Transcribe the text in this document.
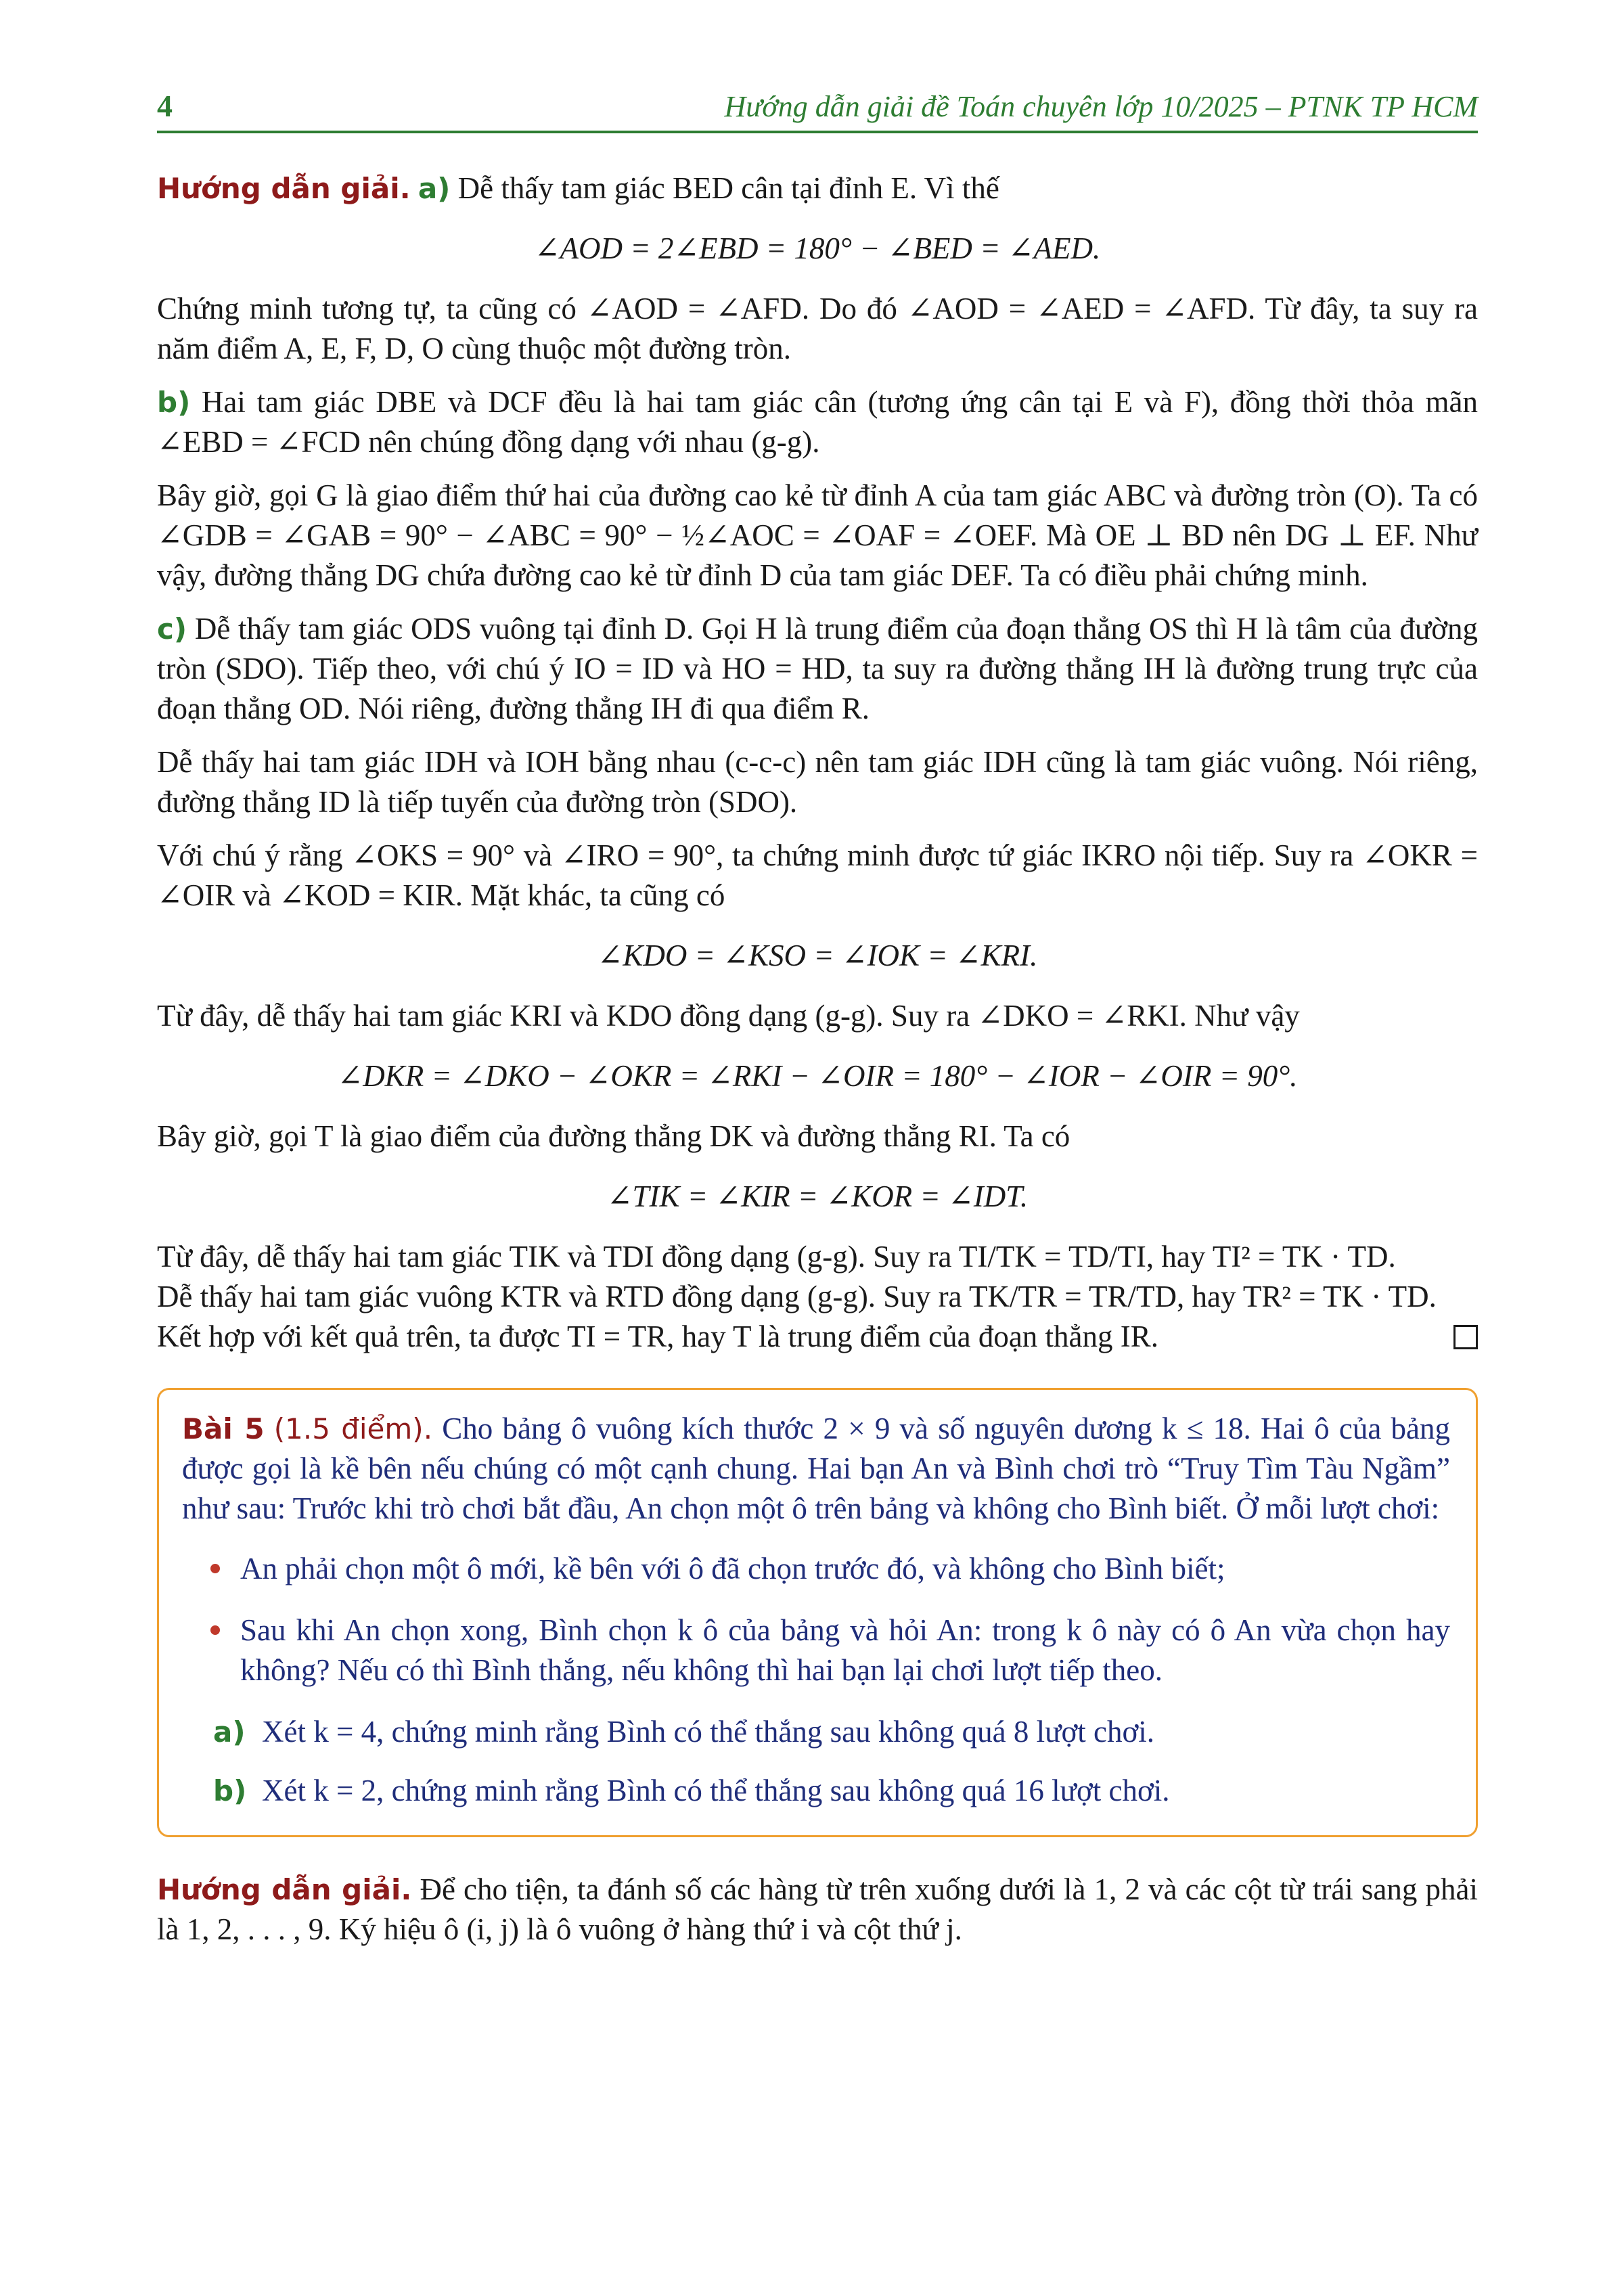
4	Hướng dẫn giải đề Toán chuyên lớp 10/2025 – PTNK TP HCM

Hướng dẫn giải. a) Dễ thấy tam giác BED cân tại đỉnh E. Vì thế

∠AOD = 2∠EBD = 180° − ∠BED = ∠AED.

Chứng minh tương tự, ta cũng có ∠AOD = ∠AFD. Do đó ∠AOD = ∠AED = ∠AFD. Từ đây, ta suy ra năm điểm A, E, F, D, O cùng thuộc một đường tròn.

b) Hai tam giác DBE và DCF đều là hai tam giác cân (tương ứng cân tại E và F), đồng thời thỏa mãn ∠EBD = ∠FCD nên chúng đồng dạng với nhau (g-g).

Bây giờ, gọi G là giao điểm thứ hai của đường cao kẻ từ đỉnh A của tam giác ABC và đường tròn (O). Ta có ∠GDB = ∠GAB = 90° − ∠ABC = 90° − ½∠AOC = ∠OAF = ∠OEF. Mà OE ⊥ BD nên DG ⊥ EF. Như vậy, đường thẳng DG chứa đường cao kẻ từ đỉnh D của tam giác DEF. Ta có điều phải chứng minh.

c) Dễ thấy tam giác ODS vuông tại đỉnh D. Gọi H là trung điểm của đoạn thẳng OS thì H là tâm của đường tròn (SDO). Tiếp theo, với chú ý IO = ID và HO = HD, ta suy ra đường thẳng IH là đường trung trực của đoạn thẳng OD. Nói riêng, đường thẳng IH đi qua điểm R.

Dễ thấy hai tam giác IDH và IOH bằng nhau (c-c-c) nên tam giác IDH cũng là tam giác vuông. Nói riêng, đường thẳng ID là tiếp tuyến của đường tròn (SDO).

Với chú ý rằng ∠OKS = 90° và ∠IRO = 90°, ta chứng minh được tứ giác IKRO nội tiếp. Suy ra ∠OKR = ∠OIR và ∠KOD = KIR. Mặt khác, ta cũng có

∠KDO = ∠KSO = ∠IOK = ∠KRI.

Từ đây, dễ thấy hai tam giác KRI và KDO đồng dạng (g-g). Suy ra ∠DKO = ∠RKI. Như vậy

∠DKR = ∠DKO − ∠OKR = ∠RKI − ∠OIR = 180° − ∠IOR − ∠OIR = 90°.

Bây giờ, gọi T là giao điểm của đường thẳng DK và đường thẳng RI. Ta có

∠TIK = ∠KIR = ∠KOR = ∠IDT.

Từ đây, dễ thấy hai tam giác TIK và TDI đồng dạng (g-g). Suy ra TI/TK = TD/TI, hay TI² = TK · TD.

Dễ thấy hai tam giác vuông KTR và RTD đồng dạng (g-g). Suy ra TK/TR = TR/TD, hay TR² = TK · TD.

Kết hợp với kết quả trên, ta được TI = TR, hay T là trung điểm của đoạn thẳng IR.

Bài 5 (1.5 điểm). Cho bảng ô vuông kích thước 2 × 9 và số nguyên dương k ≤ 18. Hai ô của bảng được gọi là kề bên nếu chúng có một cạnh chung. Hai bạn An và Bình chơi trò “Truy Tìm Tàu Ngầm” như sau: Trước khi trò chơi bắt đầu, An chọn một ô trên bảng và không cho Bình biết. Ở mỗi lượt chơi:

An phải chọn một ô mới, kề bên với ô đã chọn trước đó, và không cho Bình biết;
Sau khi An chọn xong, Bình chọn k ô của bảng và hỏi An: trong k ô này có ô An vừa chọn hay không? Nếu có thì Bình thắng, nếu không thì hai bạn lại chơi lượt tiếp theo.
a) Xét k = 4, chứng minh rằng Bình có thể thắng sau không quá 8 lượt chơi.
b) Xét k = 2, chứng minh rằng Bình có thể thắng sau không quá 16 lượt chơi.

Hướng dẫn giải. Để cho tiện, ta đánh số các hàng từ trên xuống dưới là 1, 2 và các cột từ trái sang phải là 1, 2, . . . , 9. Ký hiệu ô (i, j) là ô vuông ở hàng thứ i và cột thứ j.
